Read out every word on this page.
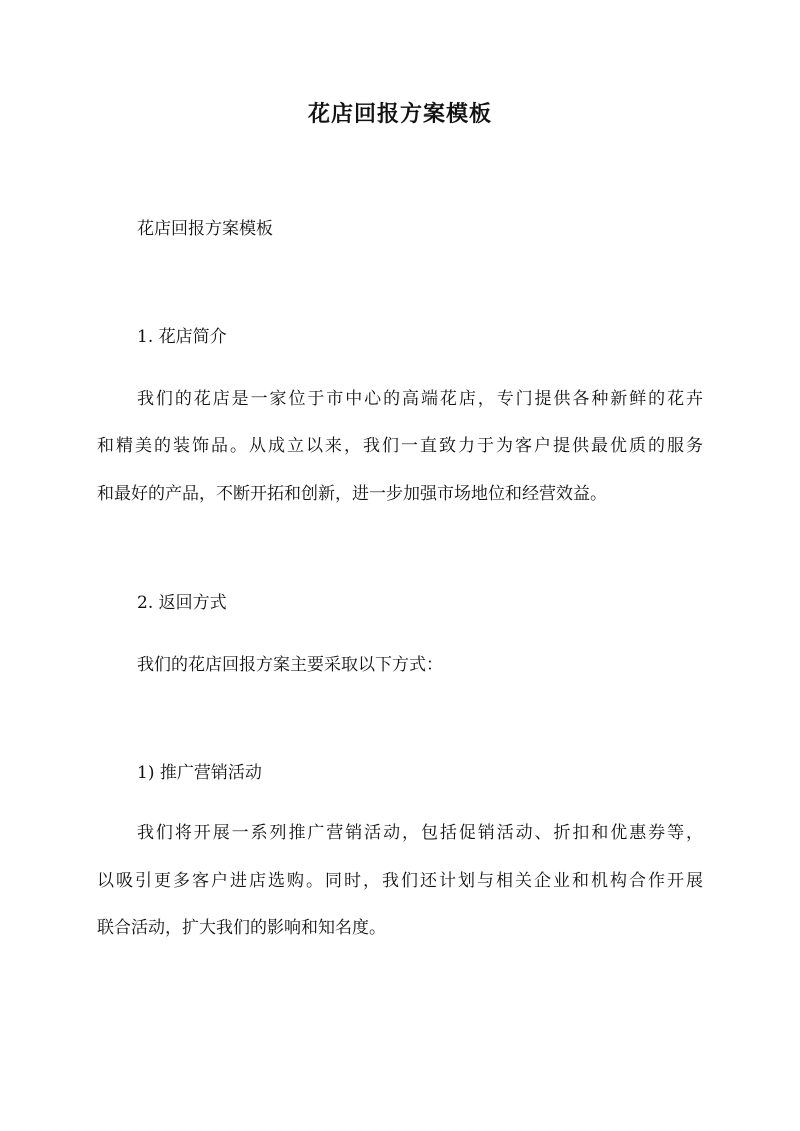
花店回报方案模板

花店回报方案模板

1. 花店简介

我们的花店是一家位于市中心的高端花店，专门提供各种新鲜的花卉

和精美的装饰品。从成立以来，我们一直致力于为客户提供最优质的服务

和最好的产品，不断开拓和创新，进一步加强市场地位和经营效益。

2. 返回方式

我们的花店回报方案主要采取以下方式：

1) 推广营销活动

我们将开展一系列推广营销活动，包括促销活动、折扣和优惠券等，

以吸引更多客户进店选购。同时，我们还计划与相关企业和机构合作开展

联合活动，扩大我们的影响和知名度。
